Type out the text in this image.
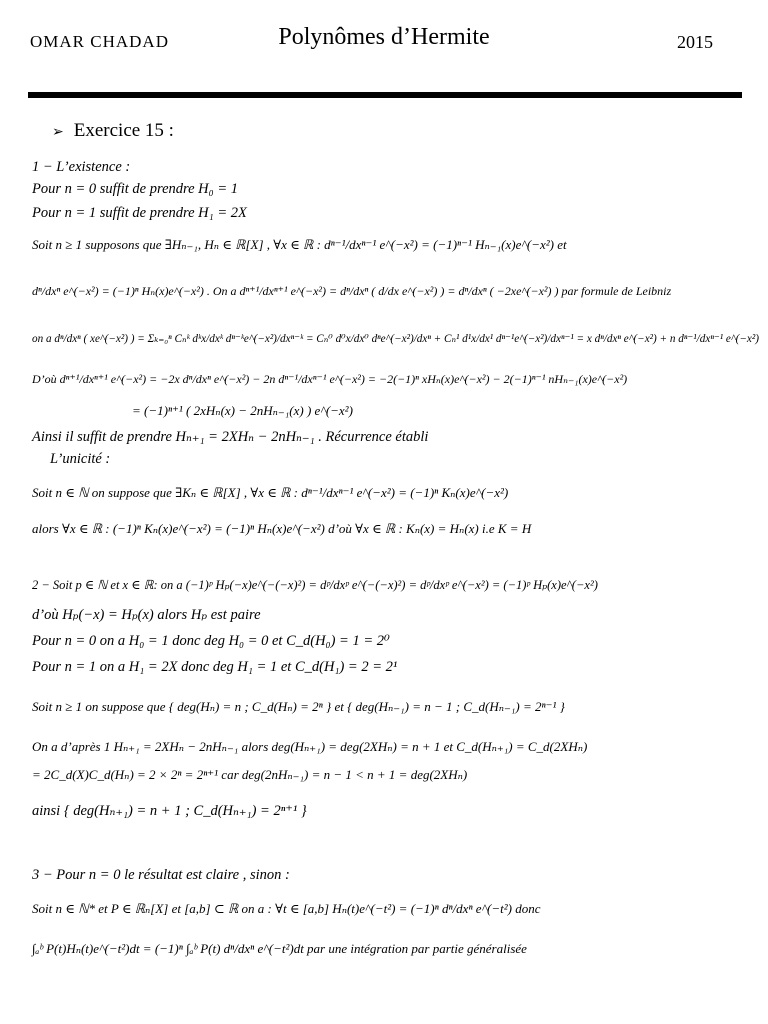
OMAR CHADAD	Polynômes d’Hermite	2015
➢ Exercice 15 :
1 − L’existence :
Pour n = 0 suffit de prendre H₀ = 1
Pour n = 1 suffit de prendre H₁ = 2X
Soit n ≥ 1 supposons que ∃Hₙ₋₁, Hₙ ∈ ℝ[X] , ∀x ∈ ℝ : dⁿ⁻¹/dxⁿ⁻¹ e^(−x²) = (−1)ⁿ⁻¹ Hₙ₋₁(x)e^(−x²) et
dⁿ/dxⁿ e^(−x²) = (−1)ⁿ Hₙ(x)e^(−x²) . On a dⁿ⁺¹/dxⁿ⁺¹ e^(−x²) = dⁿ/dxⁿ ( d/dx e^(−x²) ) = dⁿ/dxⁿ ( −2xe^(−x²) ) par formule de Leibniz
on a dⁿ/dxⁿ ( xe^(−x²) ) = Σₖ₌₀ⁿ Cₙᵏ dᵏx/dxᵏ dⁿ⁻ᵏe^(−x²)/dxⁿ⁻ᵏ = Cₙ⁰ d⁰x/dx⁰ dⁿe^(−x²)/dxⁿ + Cₙ¹ d¹x/dx¹ dⁿ⁻¹e^(−x²)/dxⁿ⁻¹ = x dⁿ/dxⁿ e^(−x²) + n dⁿ⁻¹/dxⁿ⁻¹ e^(−x²)
D’où dⁿ⁺¹/dxⁿ⁺¹ e^(−x²) = −2x dⁿ/dxⁿ e^(−x²) − 2n dⁿ⁻¹/dxⁿ⁻¹ e^(−x²) = −2(−1)ⁿ xHₙ(x)e^(−x²) − 2(−1)ⁿ⁻¹ nHₙ₋₁(x)e^(−x²)
= (−1)ⁿ⁺¹ ( 2xHₙ(x) − 2nHₙ₋₁(x) ) e^(−x²)
Ainsi il suffit de prendre Hₙ₊₁ = 2XHₙ − 2nHₙ₋₁ . Récurrence établi
L’unicité :
Soit n ∈ ℕ on suppose que ∃Kₙ ∈ ℝ[X] , ∀x ∈ ℝ : dⁿ⁻¹/dxⁿ⁻¹ e^(−x²) = (−1)ⁿ Kₙ(x)e^(−x²)
alors ∀x ∈ ℝ : (−1)ⁿ Kₙ(x)e^(−x²) = (−1)ⁿ Hₙ(x)e^(−x²) d’où ∀x ∈ ℝ : Kₙ(x) = Hₙ(x) i.e K = H
2 − Soit p ∈ ℕ et x ∈ ℝ: on a (−1)ᵖ Hₚ(−x)e^(−(−x)²) = dᵖ/dxᵖ e^(−(−x)²) = dᵖ/dxᵖ e^(−x²) = (−1)ᵖ Hₚ(x)e^(−x²)
d’où Hₚ(−x) = Hₚ(x) alors Hₚ est paire
Pour n = 0 on a H₀ = 1 donc deg H₀ = 0 et C_d(H₀) = 1 = 2⁰
Pour n = 1 on a H₁ = 2X donc deg H₁ = 1 et C_d(H₁) = 2 = 2¹
Soit n ≥ 1 on suppose que { deg(Hₙ) = n ; C_d(Hₙ) = 2ⁿ } et { deg(Hₙ₋₁) = n − 1 ; C_d(Hₙ₋₁) = 2ⁿ⁻¹ }
On a d’après 1 Hₙ₊₁ = 2XHₙ − 2nHₙ₋₁ alors deg(Hₙ₊₁) = deg(2XHₙ) = n + 1 et C_d(Hₙ₊₁) = C_d(2XHₙ)
= 2C_d(X)C_d(Hₙ) = 2 × 2ⁿ = 2ⁿ⁺¹ car deg(2nHₙ₋₁) = n − 1 < n + 1 = deg(2XHₙ)
ainsi { deg(Hₙ₊₁) = n + 1 ; C_d(Hₙ₊₁) = 2ⁿ⁺¹ }
3 − Pour n = 0 le résultat est claire , sinon :
Soit n ∈ ℕ* et P ∈ ℝₙ[X] et [a,b] ⊂ ℝ on a : ∀t ∈ [a,b] Hₙ(t)e^(−t²) = (−1)ⁿ dⁿ/dxⁿ e^(−t²) donc
∫ₐᵇ P(t)Hₙ(t)e^(−t²)dt = (−1)ⁿ ∫ₐᵇ P(t) dⁿ/dxⁿ e^(−t²)dt par une intégration par partie généralisée
